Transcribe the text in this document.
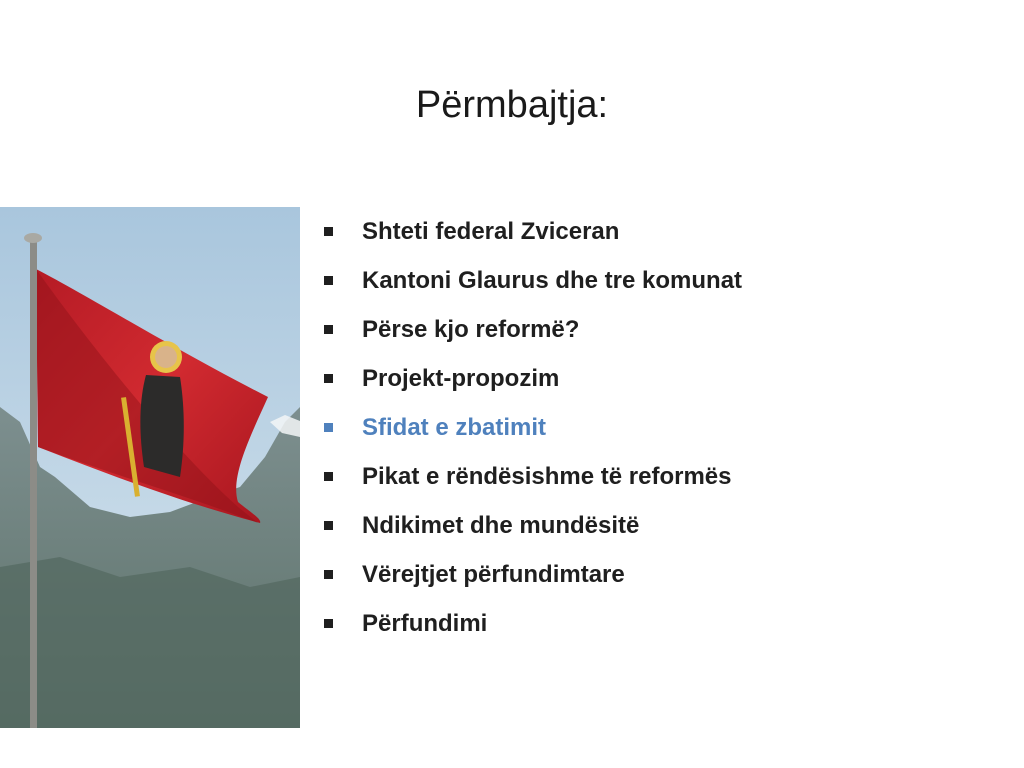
Përmbajtja:
Shteti federal Zviceran
Kantoni Glaurus dhe tre komunat
Përse kjo reformë?
Projekt-propozim
Sfidat e zbatimit
Pikat e rëndësishme të reformës
Ndikimet dhe mundësitë
Vërejtjet përfundimtare
Përfundimi
